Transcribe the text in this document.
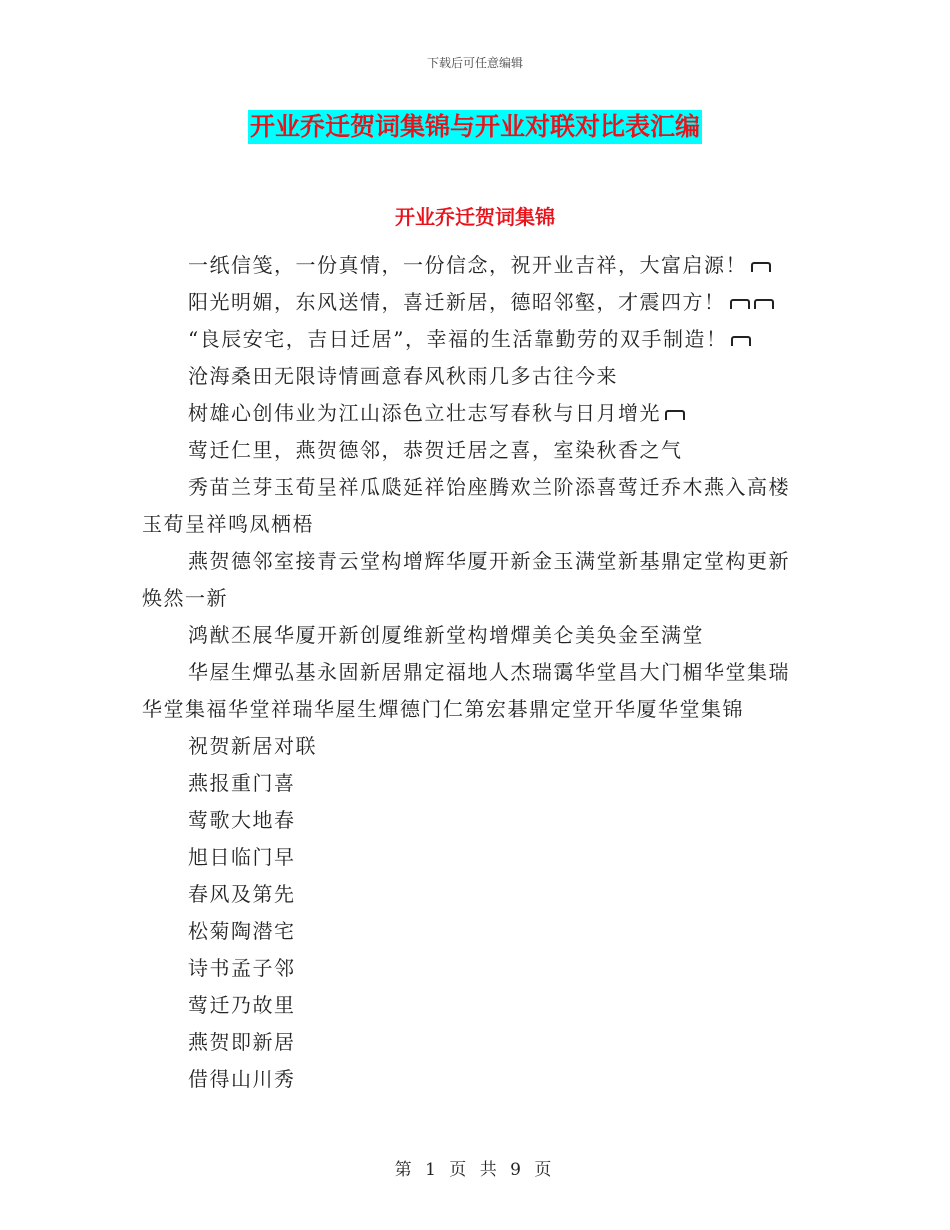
下载后可任意编辑
开业乔迁贺词集锦与开业对联对比表汇编
开业乔迁贺词集锦

一纸信笺，一份真情，一份信念，祝开业吉祥，大富启源！

阳光明媚，东风送情，喜迁新居，德昭邻壑，才震四方！

“良辰安宅，吉日迁居”，幸福的生活靠勤劳的双手制造！

沧海桑田无限诗情画意春风秋雨几多古往今来

树雄心创伟业为江山添色立壮志写春秋与日月增光

莺迁仁里，燕贺德邻，恭贺迁居之喜，室染秋香之气

秀苗兰芽玉荀呈祥瓜瓞延祥饴座腾欢兰阶添喜莺迁乔木燕入高楼玉荀呈祥鸣凤栖梧

燕贺德邻室接青云堂构增辉华厦开新金玉满堂新基鼎定堂构更新焕然一新

鸿猷丕展华厦开新创厦维新堂构增燀美仑美奂金至满堂

华屋生燀弘基永固新居鼎定福地人杰瑞霭华堂昌大门楣华堂集瑞华堂集福华堂祥瑞华屋生燀德门仁第宏碁鼎定堂开华厦华堂集锦

祝贺新居对联

燕报重门喜

莺歌大地春

旭日临门早

春风及第先

松菊陶潜宅

诗书孟子邻

莺迁乃故里

燕贺即新居

借得山川秀

第 1 页 共 9 页
